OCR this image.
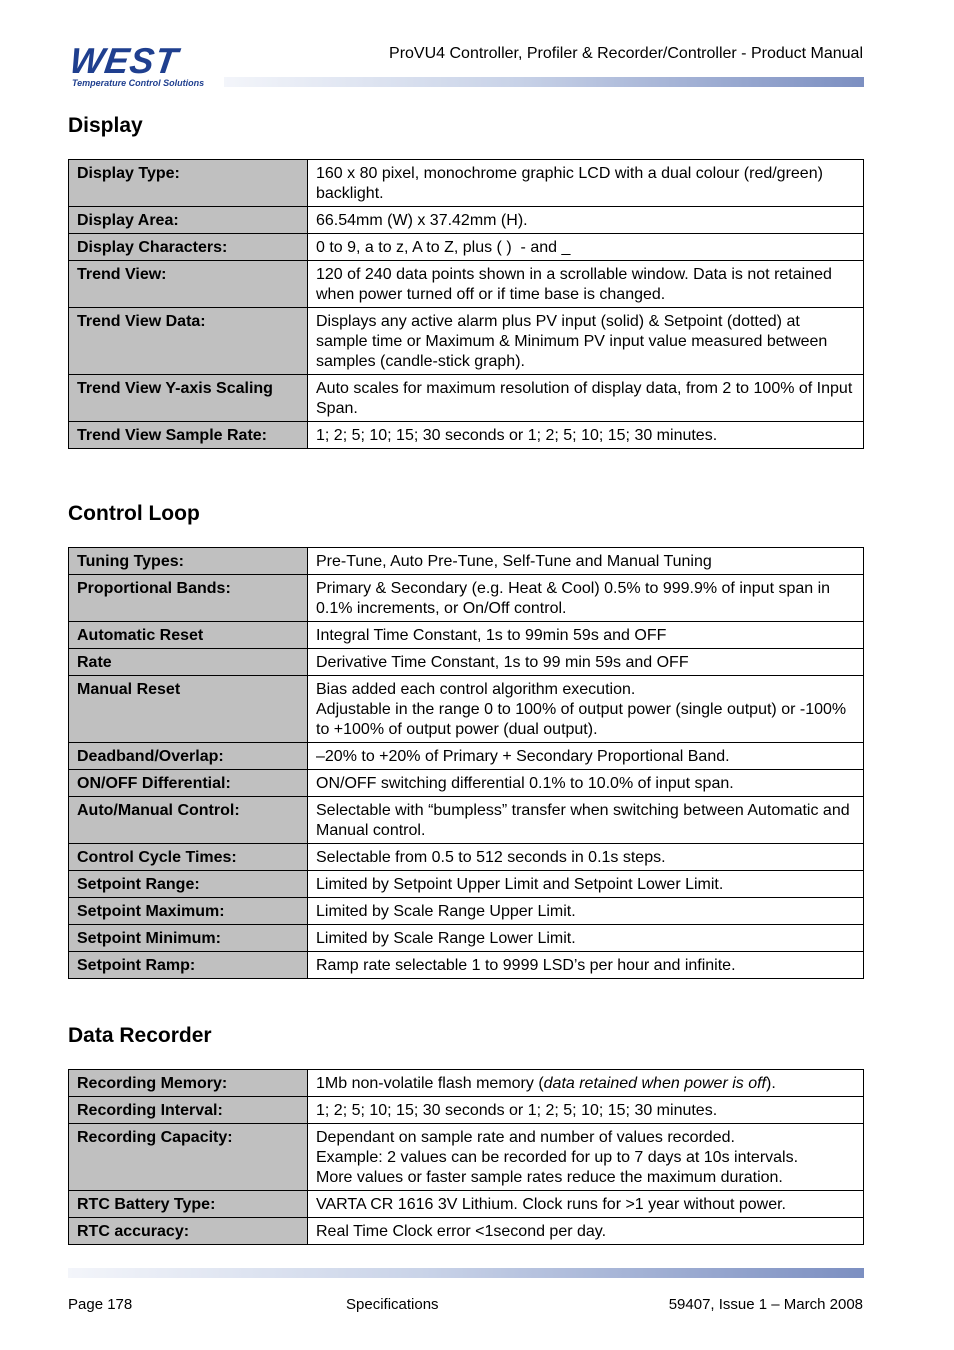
WEST
Temperature Control Solutions
ProVU4 Controller, Profiler & Recorder/Controller - Product Manual
Display
Display Type:	160 x 80 pixel, monochrome graphic LCD with a dual colour (red/green) backlight.
Display Area:	66.54mm (W) x 37.42mm (H).
Display Characters:	0 to 9, a to z, A to Z, plus ( )  - and _
Trend View:	120 of 240 data points shown in a scrollable window. Data is not retained when power turned off or if time base is changed.
Trend View Data:	Displays any active alarm plus PV input (solid) & Setpoint (dotted) at sample time or Maximum & Minimum PV input value measured between samples (candle-stick graph).
Trend View Y-axis Scaling	Auto scales for maximum resolution of display data, from 2 to 100% of Input Span.
Trend View Sample Rate:	1; 2; 5; 10; 15; 30 seconds or 1; 2; 5; 10; 15; 30 minutes.
Control Loop
Tuning Types:	Pre-Tune, Auto Pre-Tune, Self-Tune and Manual Tuning
Proportional Bands:	Primary & Secondary (e.g. Heat & Cool) 0.5% to 999.9% of input span in 0.1% increments, or On/Off control.
Automatic Reset	Integral Time Constant, 1s to 99min 59s and OFF
Rate	Derivative Time Constant, 1s to 99 min 59s and OFF
Manual Reset	Bias added each control algorithm execution.
Adjustable in the range 0 to 100% of output power (single output) or -100% to +100% of output power (dual output).

Deadband/Overlap:	–20% to +20% of Primary + Secondary Proportional Band.
ON/OFF Differential:	ON/OFF switching differential 0.1% to 10.0% of input span.
Auto/Manual Control:	Selectable with “bumpless” transfer when switching between Automatic and Manual control.
Control Cycle Times:	Selectable from 0.5 to 512 seconds in 0.1s steps.
Setpoint Range:	Limited by Setpoint Upper Limit and Setpoint Lower Limit.
Setpoint Maximum:	Limited by Scale Range Upper Limit.
Setpoint Minimum:	Limited by Scale Range Lower Limit.
Setpoint Ramp:	Ramp rate selectable 1 to 9999 LSD’s per hour and infinite.
Data Recorder
Recording Memory:	1Mb non-volatile flash memory (data retained when power is off).
Recording Interval:	1; 2; 5; 10; 15; 30 seconds or 1; 2; 5; 10; 15; 30 minutes.
Recording Capacity:	Dependant on sample rate and number of values recorded.
Example: 2 values can be recorded for up to 7 days at 10s intervals.
More values or faster sample rates reduce the maximum duration.

RTC Battery Type:	VARTA CR 1616 3V Lithium. Clock runs for >1 year without power.
RTC accuracy:	Real Time Clock error <1second per day.
Page 178	Specifications	59407, Issue 1 – March 2008
